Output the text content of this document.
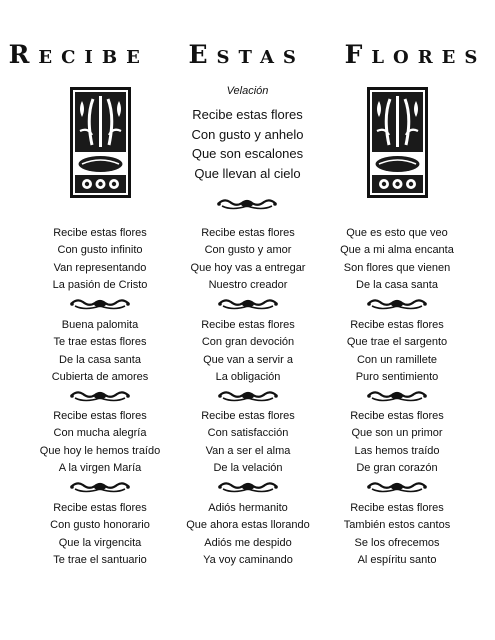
Recibe Estas Flores
Velación
Recibe estas flores
Con gusto y anhelo
Que son escalones
Que llevan al cielo
Recibe estas flores
Con gusto infinito
Van representando
La pasión de Cristo
Buena palomita
Te trae estas flores
De la casa santa
Cubierta de amores
Recibe estas flores
Con mucha alegría
Que hoy le hemos traído
A la virgen María
Recibe estas flores
Con gusto honorario
Que la virgencita
Te trae el santuario
Recibe estas flores
Con gusto y amor
Que hoy vas a entregar
Nuestro creador
Recibe estas flores
Con gran devoción
Que van a servir a
La obligación
Recibe estas flores
Con satisfacción
Van a ser el alma
De la velación
Adiós hermanito
Que ahora estas llorando
Adiós me despido
Ya voy caminando
Que es esto que veo
Que a mi alma encanta
Son flores que vienen
De la casa santa
Recibe estas flores
Que trae el sargento
Con un ramillete
Puro sentimiento
Recibe estas flores
Que son un primor
Las hemos traído
De gran corazón
Recibe estas flores
También estos cantos
Se los ofrecemos
Al espíritu santo
